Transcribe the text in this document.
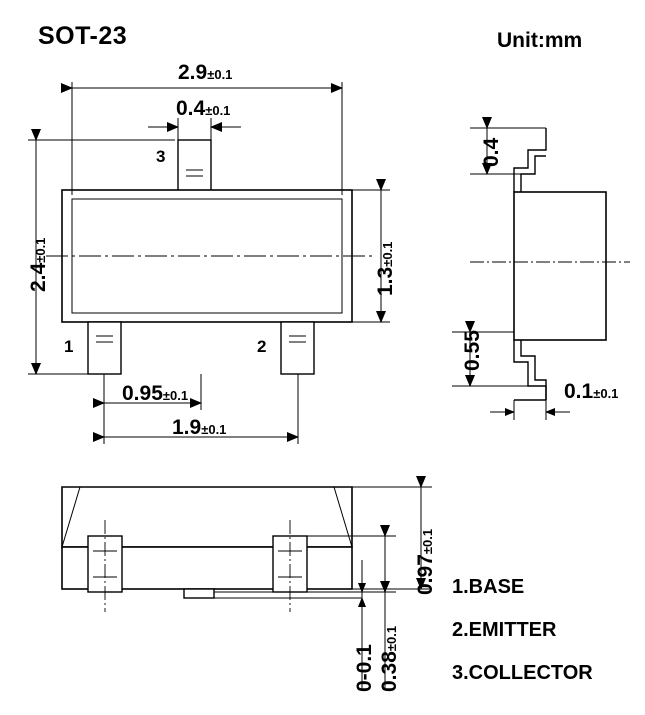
SOT-23	Unit:mm
2.9±0.1
0.4±0.1
2.4±0.1
1.3±0.1
0.95±0.1
1.9±0.1
1	2
3	0.4
0.55
0.1±0.1
0.97±0.1
0-0.1 0.38±0.1
1.BASE
2.EMITTER
3.COLLECTOR
